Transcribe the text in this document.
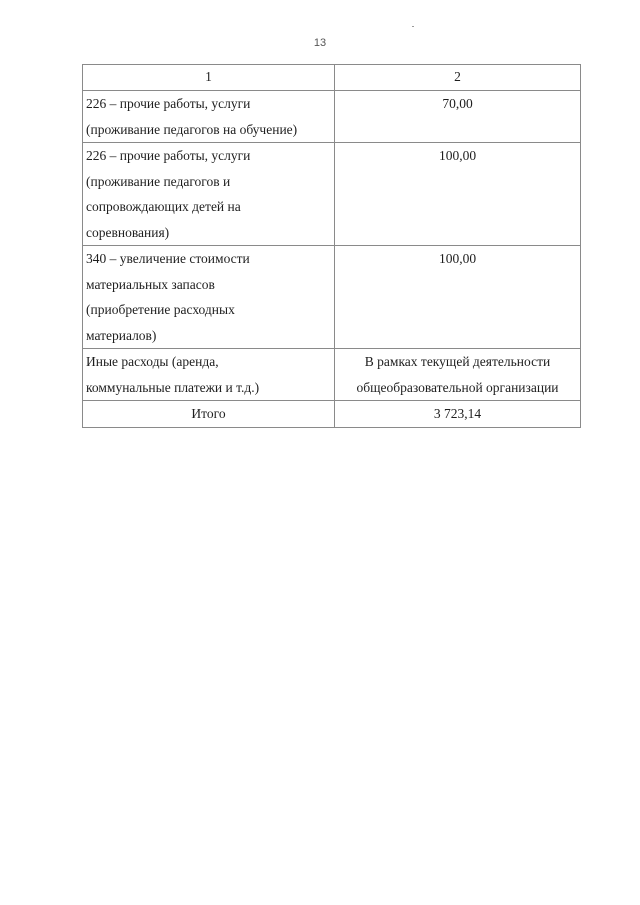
13
1	2

226 – прочие работы, услуги
(проживание педагогов на обучение)	70,00

226 – прочие работы, услуги
(проживание педагогов и
сопровождающих детей на
соревнования)	100,00

340 – увеличение стоимости
материальных запасов
(приобретение расходных
материалов)	100,00

Иные расходы (аренда,
коммунальные платежи и т.д.)	В рамках текущей деятельности
общеобразовательной организации

Итого	3 723,14
